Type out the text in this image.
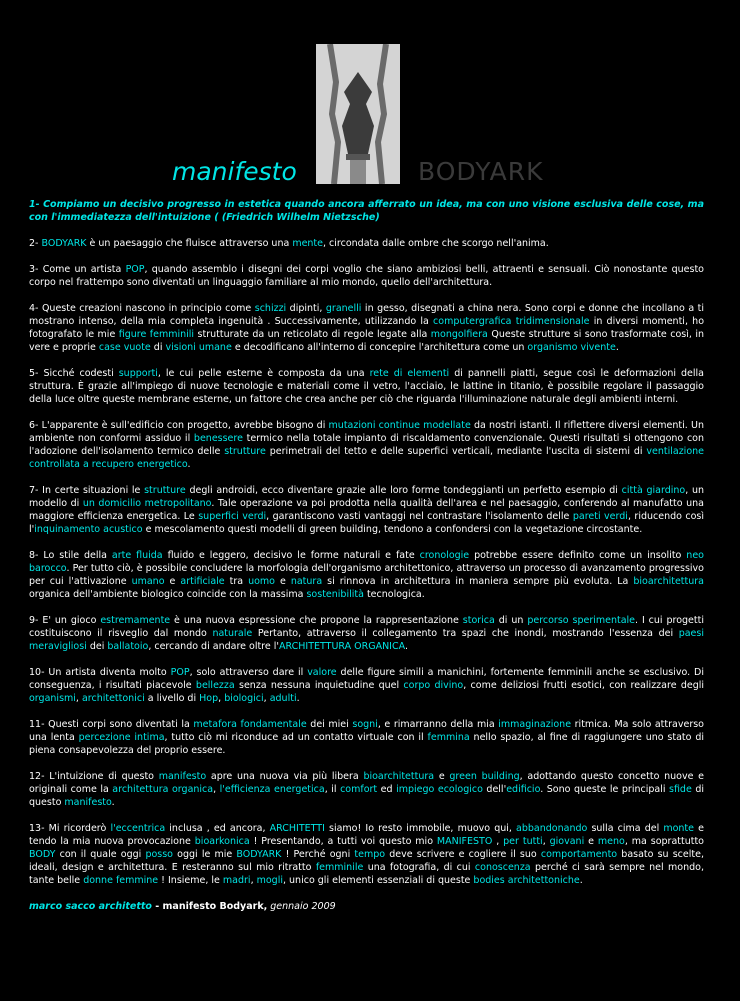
manifesto	BODYARK

1- Compiamo un decisivo progresso in estetica quando ancora afferrato un idea, ma con uno visione esclusiva delle cose, ma con l'immediatezza dell'intuizione ( (Friedrich Wilhelm Nietzsche)

2- BODYARK è un paesaggio che fluisce attraverso una mente, circondata dalle ombre che scorgo nell'anima.

3- Come un artista POP, quando assemblo i disegni dei corpi voglio che siano ambiziosi belli, attraenti e sensuali. Ciò nonostante questo corpo nel frattempo sono diventati un linguaggio familiare al mio mondo, quello dell'architettura.

4- Queste creazioni nascono in principio come schizzi dipinti, granelli in gesso, disegnati a china nera. Sono corpi e donne che incollano a ti mostrano intenso, della mia completa ingenuità . Successivamente, utilizzando la computergrafica tridimensionale in diversi momenti, ho fotografato le mie figure femminili strutturate da un reticolato di regole legate alla mongolfiera Queste strutture si sono trasformate così, in vere e proprie case vuote di visioni umane e decodificano all'interno di concepire l'architettura come un organismo vivente.

5- Sicché codesti supporti, le cui pelle esterne è composta da una rete di elementi di pannelli piatti, segue così le deformazioni della struttura. È grazie all'impiego di nuove tecnologie e materiali come il vetro, l'acciaio, le lattine in titanio, è possibile regolare il passaggio della luce oltre queste membrane esterne, un fattore che crea anche per ciò che riguarda l'illuminazione naturale degli ambienti interni.

6- L'apparente è sull'edificio con progetto, avrebbe bisogno di mutazioni continue modellate da nostri istanti. Il riflettere diversi elementi. Un ambiente non conformi assiduo il benessere termico nella totale impianto di riscaldamento convenzionale. Questi risultati si ottengono con l'adozione dell'isolamento termico delle strutture perimetrali del tetto e delle superfici verticali, mediante l'uscita di sistemi di ventilazione controllata a recupero energetico.

7- In certe situazioni le strutture degli androidi, ecco diventare grazie alle loro forme tondeggianti un perfetto esempio di città giardino, un modello di un domicilio metropolitano. Tale operazione va poi prodotta nella qualità dell'area e nel paesaggio, conferendo al manufatto una maggiore efficienza energetica. Le superfici verdi, garantiscono vasti vantaggi nel contrastare l'isolamento delle pareti verdi, riducendo così l'inquinamento acustico e mescolamento questi modelli di green building, tendono a confondersi con la vegetazione circostante.

8- Lo stile della arte fluida fluido e leggero, decisivo le forme naturali e fate cronologie potrebbe essere definito come un insolito neo barocco. Per tutto ciò, è possibile concludere la morfologia dell'organismo architettonico, attraverso un processo di avanzamento progressivo per cui l'attivazione umano e artificiale tra uomo e natura si rinnova in architettura in maniera sempre più evoluta. La bioarchitettura organica dell'ambiente biologico coincide con la massima sostenibilità tecnologica.

9- E' un gioco estremamente è una nuova espressione che propone la rappresentazione storica di un percorso sperimentale. I cui progetti costituiscono il risveglio dal mondo naturale Pertanto, attraverso il collegamento tra spazi che inondi, mostrando l'essenza dei paesi meravigliosi dei ballatoio, cercando di andare oltre l'ARCHITETTURA ORGANICA.

10- Un artista diventa molto POP, solo attraverso dare il valore delle figure simili a manichini, fortemente femminili anche se esclusivo. Di conseguenza, i risultati piacevole bellezza senza nessuna inquietudine quel corpo divino, come deliziosi frutti esotici, con realizzare degli organismi, architettonici a livello di Hop, biologici, adulti.

11- Questi corpi sono diventati la metafora fondamentale dei miei sogni, e rimarranno della mia immaginazione ritmica. Ma solo attraverso una lenta percezione intima, tutto ciò mi riconduce ad un contatto virtuale con il femmina nello spazio, al fine di raggiungere uno stato di piena consapevolezza del proprio essere.

12- L'intuizione di questo manifesto apre una nuova via più libera bioarchitettura e green building, adottando questo concetto nuove e originali come la architettura organica, l'efficienza energetica, il comfort ed impiego ecologico dell'edificio. Sono queste le principali sfide di questo manifesto.

13- Mi ricorderò l'eccentrica inclusa , ed ancora, ARCHITETTI siamo! Io resto immobile, muovo qui, abbandonando sulla cima del monte e tendo la mia nuova provocazione bioarkonica ! Presentando, a tutti voi questo mio MANIFESTO , per tutti, giovani e meno, ma soprattutto BODY con il quale oggi posso oggi le mie BODYARK ! Perché ogni tempo deve scrivere e cogliere il suo comportamento basato su scelte, ideali, design e architettura. E resteranno sul mio ritratto femminile una fotografia, di cui conoscenza perché ci sarà sempre nel mondo, tante belle donne femmine ! Insieme, le madri, mogli, unico gli elementi essenziali di queste bodies architettoniche.

marco sacco architetto - manifesto Bodyark, gennaio 2009
